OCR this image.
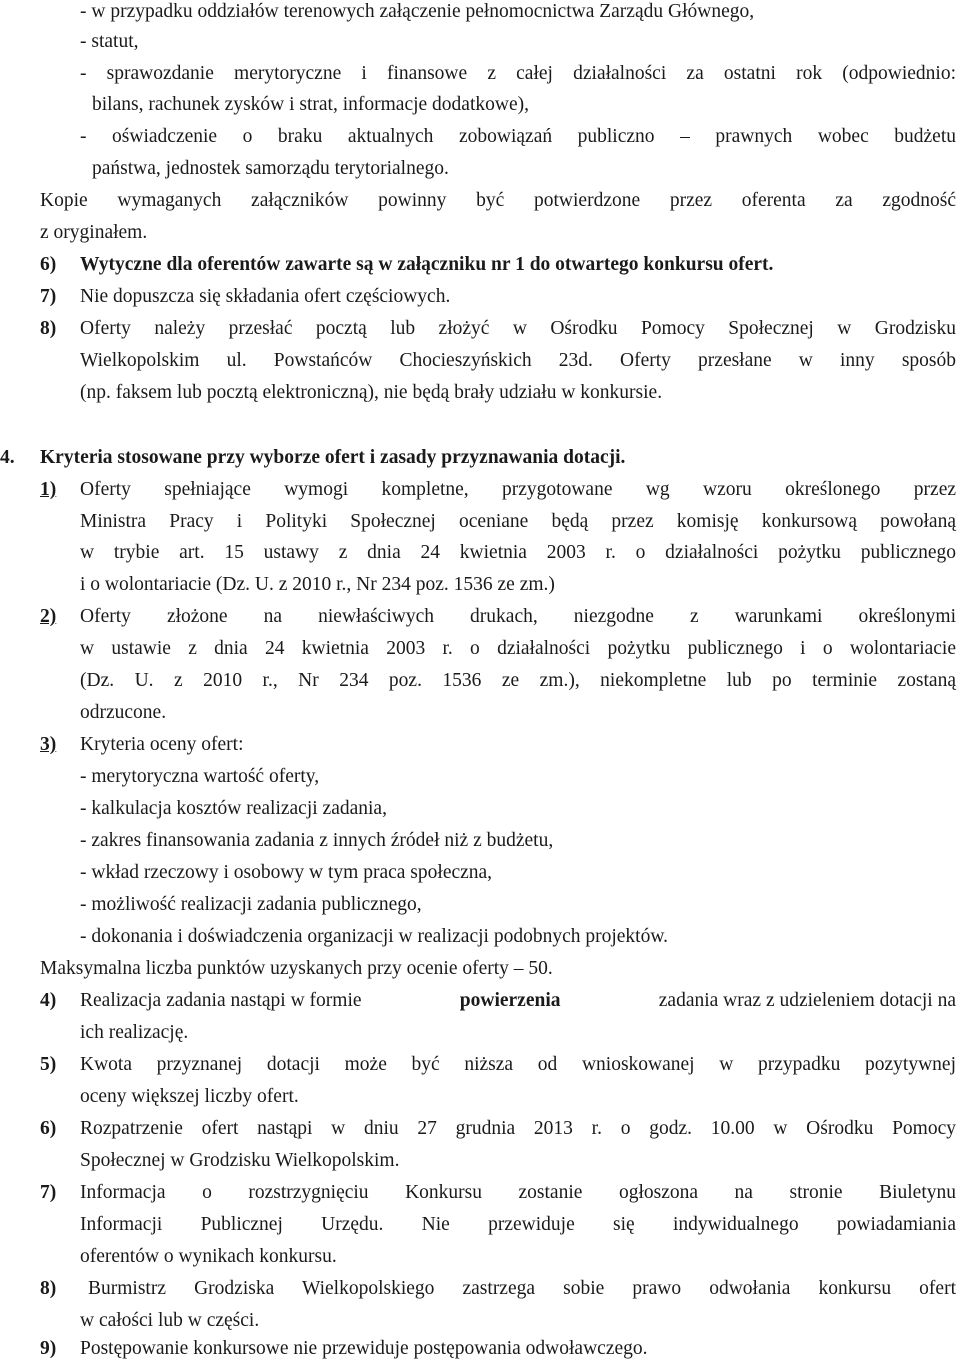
- w przypadku oddziałów terenowych załączenie pełnomocnictwa Zarządu Głównego,
- statut,
- sprawozdanie merytoryczne i finansowe z całej działalności za ostatni rok (odpowiednio:
bilans, rachunek zysków i strat, informacje dodatkowe),
- oświadczenie o braku aktualnych zobowiązań publiczno – prawnych wobec budżetu
państwa, jednostek samorządu terytorialnego.
Kopie wymaganych załączników powinny być potwierdzone przez oferenta za zgodność
z oryginałem.
6) Wytyczne dla oferentów zawarte są w załączniku nr 1 do otwartego konkursu ofert.
7) Nie dopuszcza się składania ofert częściowych.
8) Oferty należy przesłać pocztą lub złożyć w Ośrodku Pomocy Społecznej w Grodzisku
Wielkopolskim ul. Powstańców Chocieszyńskich 23d. Oferty przesłane w inny sposób
(np. faksem lub pocztą elektroniczną), nie będą brały udziału w konkursie.
4. Kryteria stosowane przy wyborze ofert i zasady przyznawania dotacji.
1) Oferty spełniające wymogi kompletne, przygotowane wg wzoru określonego przez
Ministra Pracy i Polityki Społecznej oceniane będą przez komisję konkursową powołaną
w trybie art. 15 ustawy z dnia 24 kwietnia 2003 r. o działalności pożytku publicznego
i o wolontariacie (Dz. U. z 2010 r., Nr 234 poz. 1536 ze zm.)
2) Oferty złożone na niewłaściwych drukach, niezgodne z warunkami określonymi
w ustawie z dnia 24 kwietnia 2003 r. o działalności pożytku publicznego i o wolontariacie
(Dz. U. z 2010 r., Nr 234 poz. 1536 ze zm.), niekompletne lub po terminie zostaną
odrzucone.
3) Kryteria oceny ofert:
- merytoryczna wartość oferty,
- kalkulacja kosztów realizacji zadania,
- zakres finansowania zadania z innych źródeł niż z budżetu,
- wkład rzeczowy i osobowy w tym praca społeczna,
- możliwość realizacji zadania publicznego,
- dokonania i doświadczenia organizacji w realizacji podobnych projektów.
Maksymalna liczba punktów uzyskanych przy ocenie oferty – 50.
4) Realizacja zadania nastąpi w formie	powierzenia	zadania wraz z udzieleniem dotacji na
ich realizację.
5) Kwota przyznanej dotacji może być niższa od wnioskowanej w przypadku pozytywnej
oceny większej liczby ofert.
6) Rozpatrzenie ofert nastąpi w dniu 27 grudnia 2013 r. o godz. 10.00 w Ośrodku Pomocy
Społecznej w Grodzisku Wielkopolskim.
7) Informacja o rozstrzygnięciu Konkursu zostanie ogłoszona na stronie Biuletynu
Informacji Publicznej Urzędu. Nie przewiduje się indywidualnego powiadamiania
oferentów o wynikach konkursu.
8) Burmistrz Grodziska Wielkopolskiego zastrzega sobie prawo odwołania konkursu ofert
w całości lub w części.
9) Postępowanie konkursowe nie przewiduje postępowania odwoławczego.
